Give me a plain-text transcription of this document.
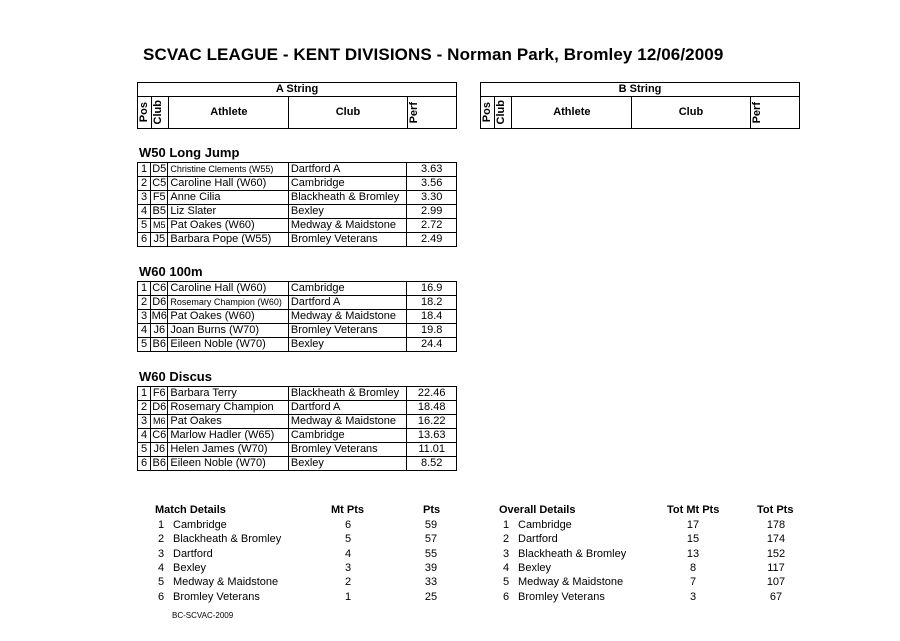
SCVAC LEAGUE - KENT DIVISIONS - Norman Park, Bromley 12/06/2009
A String

Pos	Club	Athlete	Club	Perf
B String

Pos	Club	Athlete	Club	Perf
W50 Long Jump
1	D5	Christine Clements (W55)	Dartford A	3.63
2	C5	Caroline Hall (W60)	Cambridge	3.56
3	F5	Anne Cilia	Blackheath & Bromley	3.30
4	B5	Liz Slater	Bexley	2.99
5	M5	Pat Oakes (W60)	Medway & Maidstone	2.72
6	J5	Barbara Pope (W55)	Bromley Veterans	2.49
W60 100m
1	C6	Caroline Hall (W60)	Cambridge	16.9
2	D6	Rosemary Champion (W60)	Dartford A	18.2
3	M6	Pat Oakes (W60)	Medway & Maidstone	18.4
4	J6	Joan Burns (W70)	Bromley Veterans	19.8
5	B6	Eileen Noble (W70)	Bexley	24.4
W60 Discus
1	F6	Barbara Terry	Blackheath & Bromley	22.46
2	D6	Rosemary Champion	Dartford A	18.48
3	M6	Pat Oakes	Medway & Maidstone	16.22
4	C6	Marlow Hadler (W65)	Cambridge	13.63
5	J6	Helen James (W70)	Bromley Veterans	11.01
6	B6	Eileen Noble (W70)	Bexley	8.52
Match Details	Mt Pts	Pts
1 Cambridge	6	59
2 Blackheath & Bromley	5	57
3 Dartford	4	55
4 Bexley	3	39
5 Medway & Maidstone	2	33
6 Bromley Veterans	1	25
Overall Details	Tot Mt Pts	Tot Pts
1 Cambridge	17	178
2 Dartford	15	174
3 Blackheath & Bromley	13	152
4 Bexley	8	117
5 Medway & Maidstone	7	107
6 Bromley Veterans	3	67
BC-SCVAC-2009
